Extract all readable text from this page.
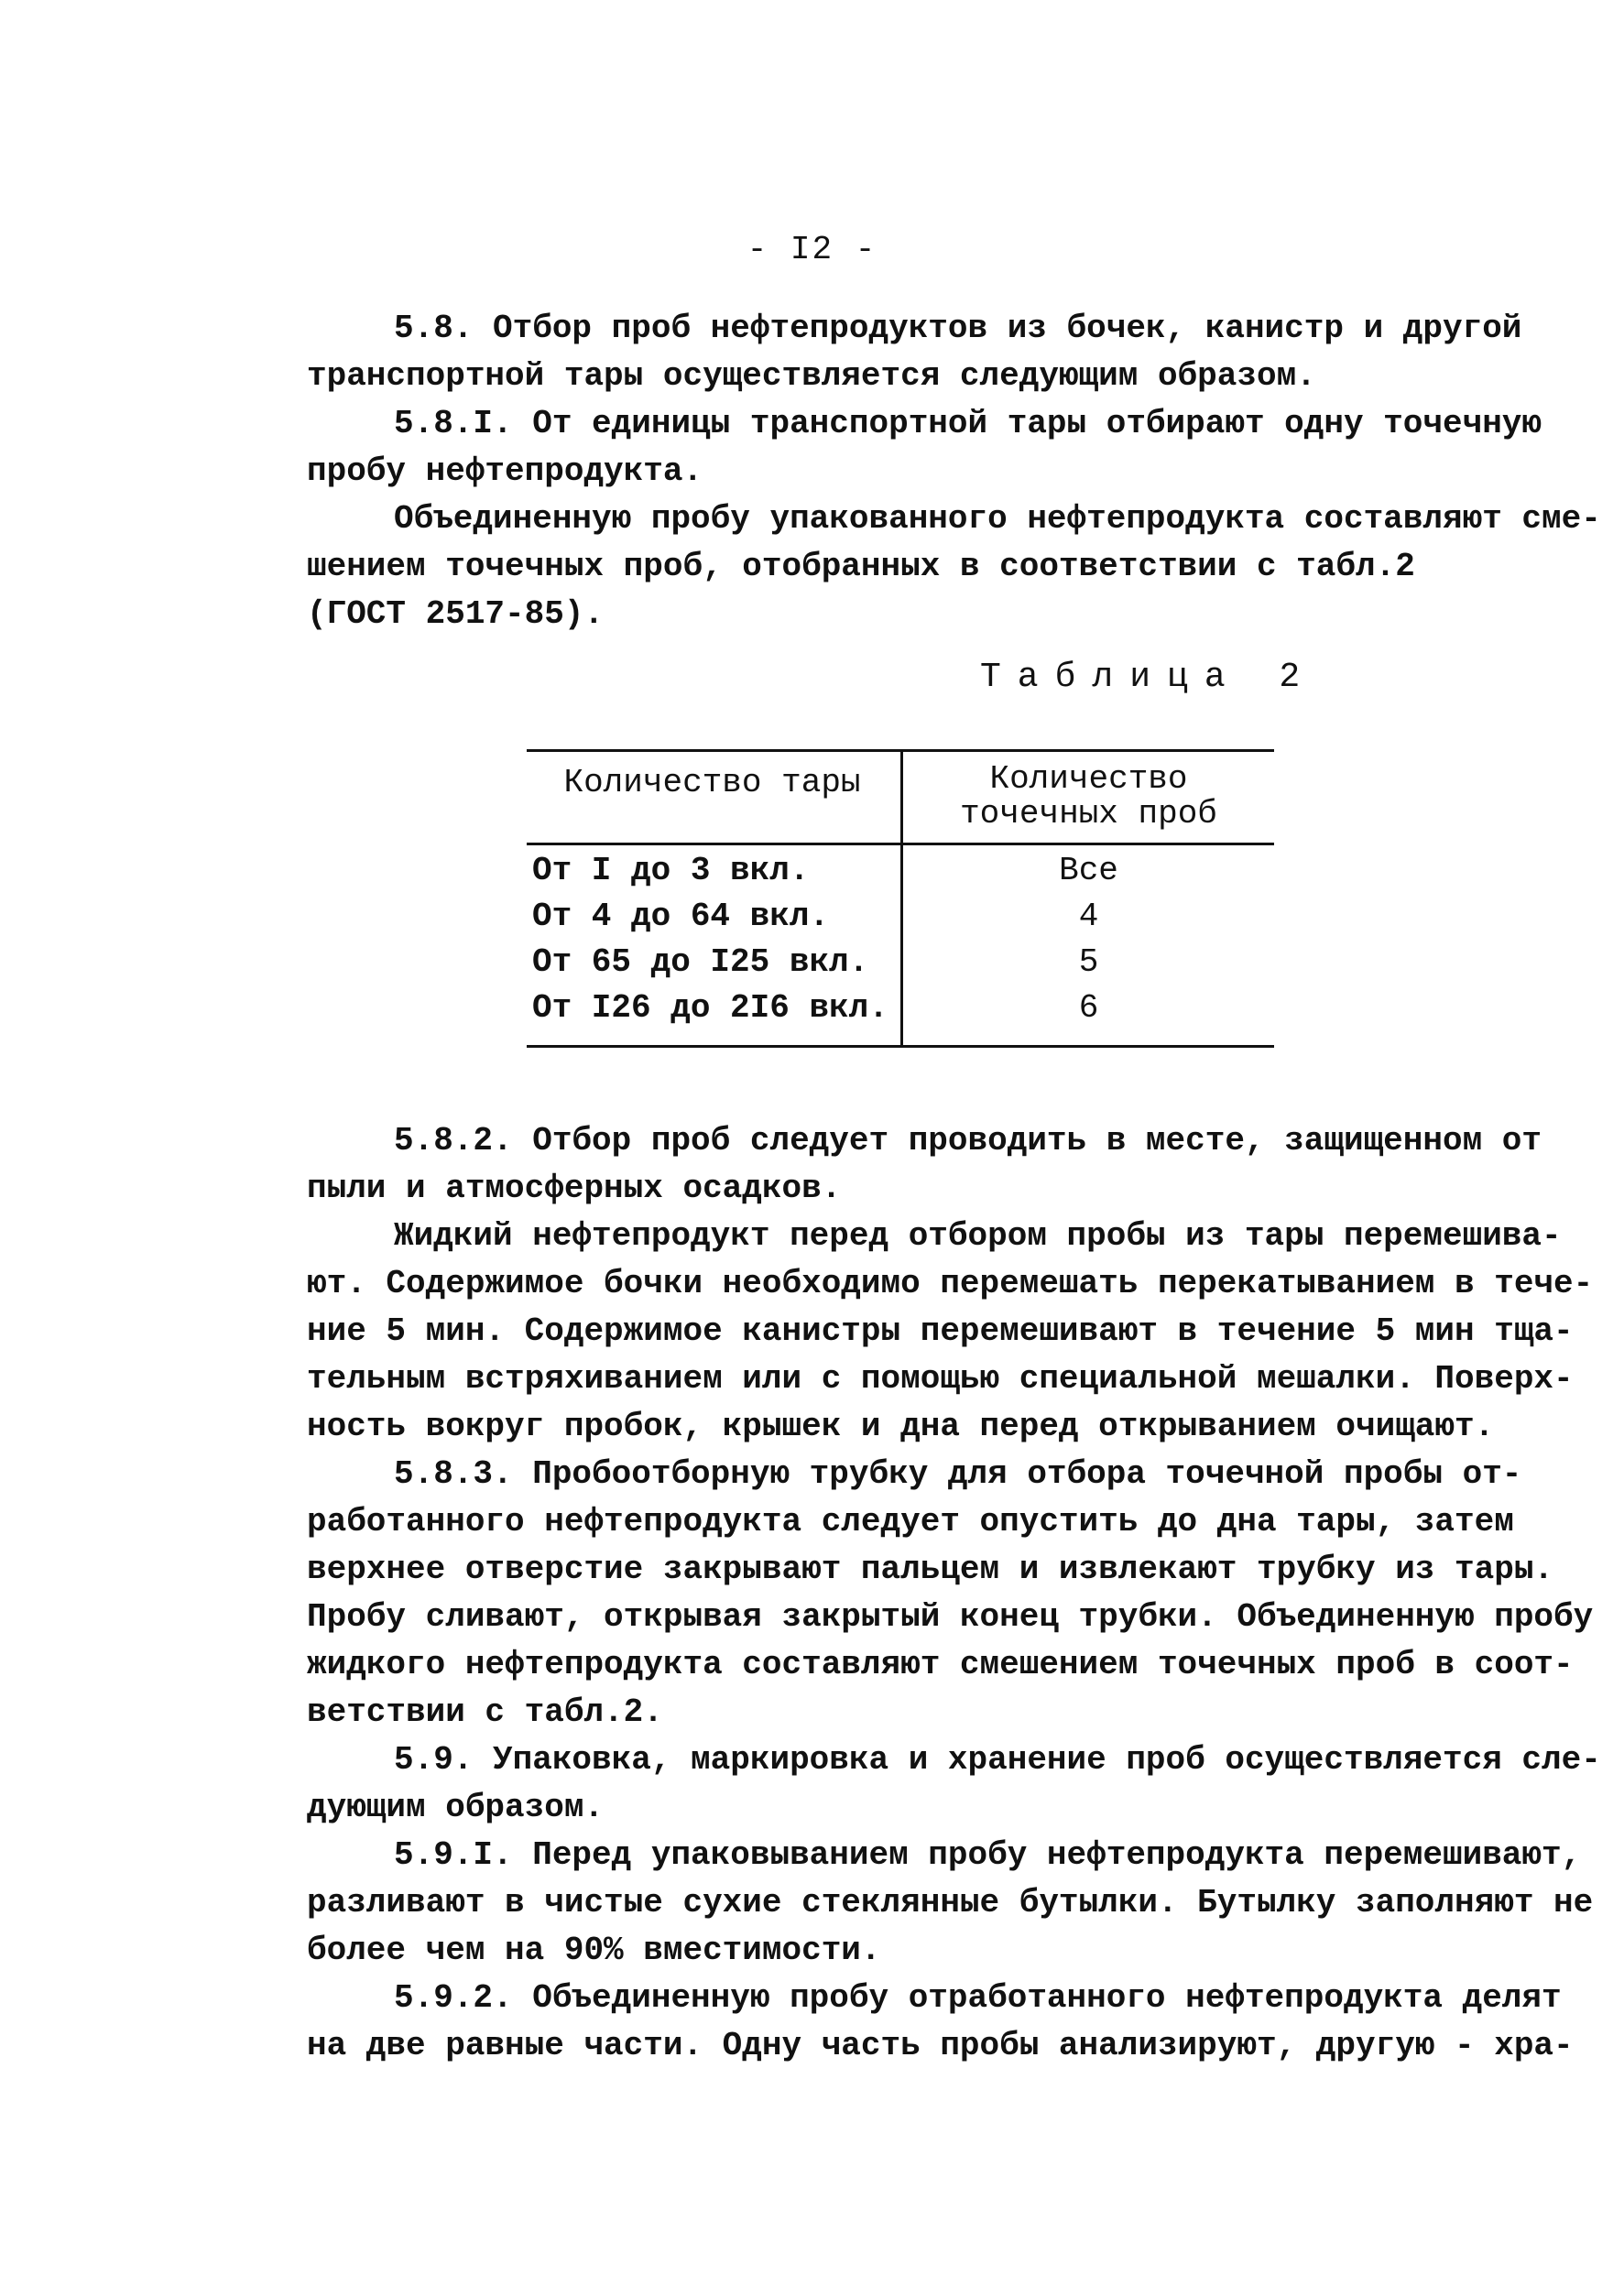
- I2 -

5.8. Отбор проб нефтепродуктов из бочек, канистр и другой

транспортной тары осуществляется следующим образом.

5.8.I. От единицы транспортной тары отбирают одну точечную

пробу нефтепродукта.

Объединенную пробу упакованного нефтепродукта составляют сме-

шением точечных проб, отобранных в соответствии с табл.2

(ГОСТ 2517-85).

Таблица 2
Количество тары	Количество
точечных проб
От I до 3 вкл.	Все
От 4 до 64 вкл.	4
От 65 до I25 вкл.	5
От I26 до 2I6 вкл.	6

5.8.2. Отбор проб следует проводить в месте, защищенном от

пыли и атмосферных осадков.

Жидкий нефтепродукт перед отбором пробы из тары перемешива-

ют. Содержимое бочки необходимо перемешать перекатыванием в тече-

ние 5 мин. Содержимое канистры перемешивают в течение 5 мин тща-

тельным встряхиванием или с помощью специальной мешалки. Поверх-

ность вокруг пробок, крышек и дна перед открыванием очищают.

5.8.3. Пробоотборную трубку для отбора точечной пробы от-

работанного нефтепродукта следует опустить до дна тары, затем

верхнее отверстие закрывают пальцем и извлекают трубку из тары.

Пробу сливают, открывая закрытый конец трубки. Объединенную пробу

жидкого нефтепродукта составляют смешением точечных проб в соот-

ветствии с табл.2.

5.9. Упаковка, маркировка и хранение проб осуществляется сле-

дующим образом.

5.9.I. Перед упаковыванием пробу нефтепродукта перемешивают,

разливают в чистые сухие стеклянные бутылки. Бутылку заполняют не

более чем на 90% вместимости.

5.9.2. Объединенную пробу отработанного нефтепродукта делят

на две равные части. Одну часть пробы анализируют, другую - хра-
